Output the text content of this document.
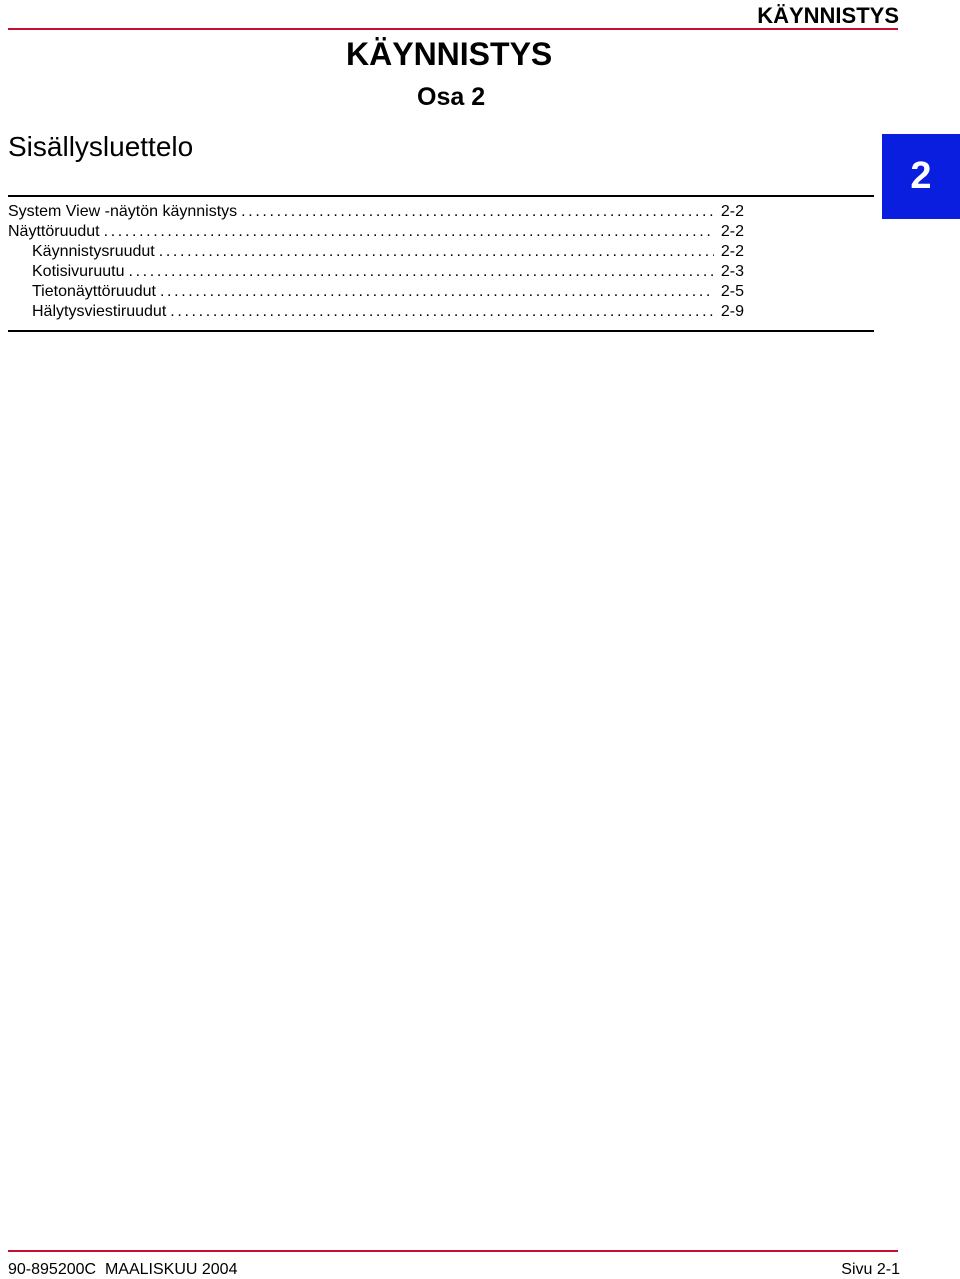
KÄYNNISTYS
KÄYNNISTYS
Osa 2
Sisällysluettelo
2
System View -näytön käynnistys . . .	2-2
Näyttöruudut . . .	2-2
Käynnistysruudut . . .	2-2
Kotisivuruutu . . .	2-3
Tietonäyttöruudut . . .	2-5
Hälytysviestiruudut . . .	2-9
90-895200C  MAALISKUU 2004	Sivu 2-1
